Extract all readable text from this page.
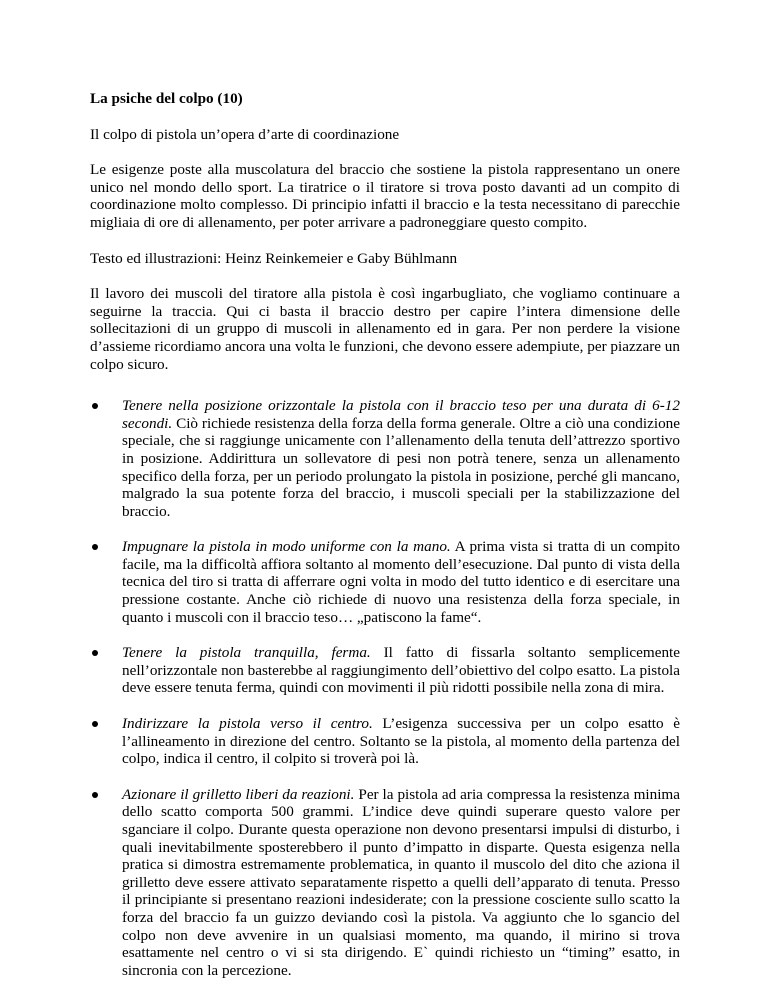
La psiche del colpo (10)

Il colpo di pistola un’opera d’arte di coordinazione

Le esigenze poste alla muscolatura del braccio che sostiene la pistola rappresentano un onere unico nel mondo dello sport. La tiratrice o il tiratore si trova posto davanti ad un compito di coordinazione molto complesso. Di principio infatti il braccio e la testa necessitano di parecchie migliaia di ore di allenamento, per poter arrivare a padroneggiare questo compito.

Testo ed illustrazioni: Heinz Reinkemeier e Gaby Bühlmann

Il lavoro dei muscoli del tiratore alla pistola è così ingarbugliato, che vogliamo continuare a seguirne la traccia. Qui ci basta il braccio destro per capire l’intera dimensione delle sollecitazioni di un gruppo di muscoli in allenamento ed in gara. Per non perdere la visione d’assieme ricordiamo ancora una volta le funzioni, che devono essere adempiute, per piazzare un colpo sicuro.

Tenere nella posizione orizzontale la pistola con il braccio teso per una durata di 6-12 secondi. Ciò richiede resistenza della forza della forma generale. Oltre a ciò una condizione speciale, che si raggiunge unicamente con l’allenamento della tenuta dell’attrezzo sportivo in posizione. Addirittura un sollevatore di pesi non potrà tenere, senza un allenamento specifico della forza, per un periodo prolungato la pistola in posizione, perché gli mancano, malgrado la sua potente forza del braccio, i muscoli speciali per la stabilizzazione del braccio.
Impugnare la pistola in modo uniforme con la mano. A prima vista si tratta di un compito facile, ma la difficoltà affiora soltanto al momento dell’esecuzione. Dal punto di vista della tecnica del tiro si tratta di afferrare ogni volta in modo del tutto identico e di esercitare una pressione costante. Anche ciò richiede di nuovo una resistenza della forza speciale, in quanto i muscoli con il braccio teso… „patiscono la fame“.
Tenere la pistola tranquilla, ferma. Il fatto di fissarla soltanto semplicemente nell’orizzontale non basterebbe al raggiungimento dell’obiettivo del colpo esatto. La pistola deve essere tenuta ferma, quindi con movimenti il più ridotti possibile nella zona di mira.
Indirizzare la pistola verso il centro. L’esigenza successiva per un colpo esatto è l’allineamento in direzione del centro. Soltanto se la pistola, al momento della partenza del colpo, indica il centro, il colpito si troverà poi là.
Azionare il grilletto liberi da reazioni. Per la pistola ad aria compressa la resistenza minima dello scatto comporta 500 grammi. L’indice deve quindi superare questo valore per sganciare il colpo. Durante questa operazione non devono presentarsi impulsi di disturbo, i quali inevitabilmente sposterebbero il punto d’impatto in disparte. Questa esigenza nella pratica si dimostra estremamente problematica, in quanto il muscolo del dito che aziona il grilletto deve essere attivato separatamente rispetto a quelli dell’apparato di tenuta. Presso il principiante si presentano reazioni indesiderate; con la pressione cosciente sullo scatto la forza del braccio fa un guizzo deviando così la pistola. Va aggiunto che lo sgancio del colpo non deve avvenire in un qualsiasi momento, ma quando, il mirino si trova esattamente nel centro o vi si sta dirigendo. E` quindi richiesto un “timing” esatto, in sincronia con la percezione.
